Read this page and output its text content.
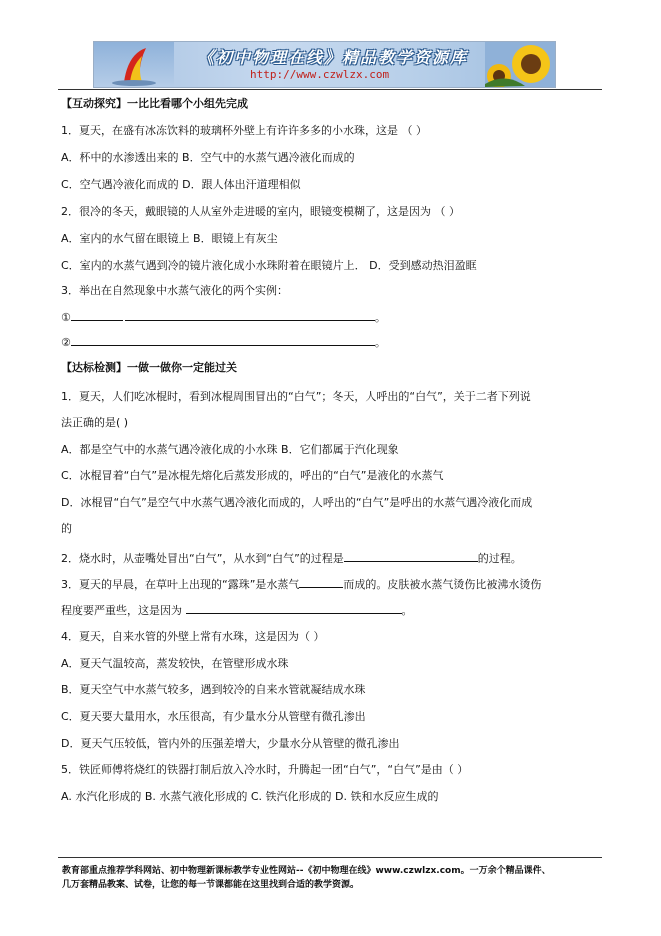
《初中物理在线》精品教学资源库
http://www.czwlzx.com
【互动探究】一比比看哪个小组先完成
1．夏天，在盛有冰冻饮料的玻璃杯外壁上有许许多多的小水珠，这是 （ ）
A．杯中的水渗透出来的 B．空气中的水蒸气遇冷液化而成的
C．空气遇冷液化而成的 D．跟人体出汗道理相似
2．很冷的冬天，戴眼镜的人从室外走进暖的室内，眼镜变模糊了，这是因为 （ ）
A．室内的水气留在眼镜上 B．眼镜上有灰尘
C．室内的水蒸气遇到冷的镜片液化成小水珠附着在眼镜片上． D．受到感动热泪盈眶
3．举出在自然现象中水蒸气液化的两个实例：
①	。
②	。
【达标检测】一做一做你一定能过关
1．夏天，人们吃冰棍时，看到冰棍周围冒出的“白气”；冬天，人呼出的“白气”，关于二者下列说
法正确的是( )
A．都是空气中的水蒸气遇冷液化成的小水珠 B．它们都属于汽化现象
C．冰棍冒着“白气”是冰棍先熔化后蒸发形成的，呼出的“白气”是液化的水蒸气
D．冰棍冒“白气”是空气中水蒸气遇冷液化而成的，人呼出的“白气”是呼出的水蒸气遇冷液化而成
的
2．烧水时，从壶嘴处冒出“白气”，从水到“白气”的过程是	的过程。
3．夏天的早晨，在草叶上出现的“露珠”是水蒸气	而成的。皮肤被水蒸气烫伤比被沸水烫伤
程度要严重些，这是因为	。
4．夏天，自来水管的外壁上常有水珠，这是因为（ ）
A．夏天气温较高，蒸发较快，在管壁形成水珠
B．夏天空气中水蒸气较多，遇到较冷的自来水管就凝结成水珠
C．夏天要大量用水，水压很高，有少量水分从管壁有微孔渗出
D．夏天气压较低，管内外的压强差增大，少量水分从管壁的微孔渗出
5．铁匠师傅将烧红的铁器打制后放入冷水时，升腾起一团“白气”，“白气”是由（ ）
A. 水汽化形成的 B. 水蒸气液化形成的 C. 铁汽化形成的 D. 铁和水反应生成的
教育部重点推荐学科网站、初中物理新课标教学专业性网站--《初中物理在线》www.czwlzx.com。一万余个精品课件、
几万套精品教案、试卷，让您的每一节课都能在这里找到合适的教学资源。
